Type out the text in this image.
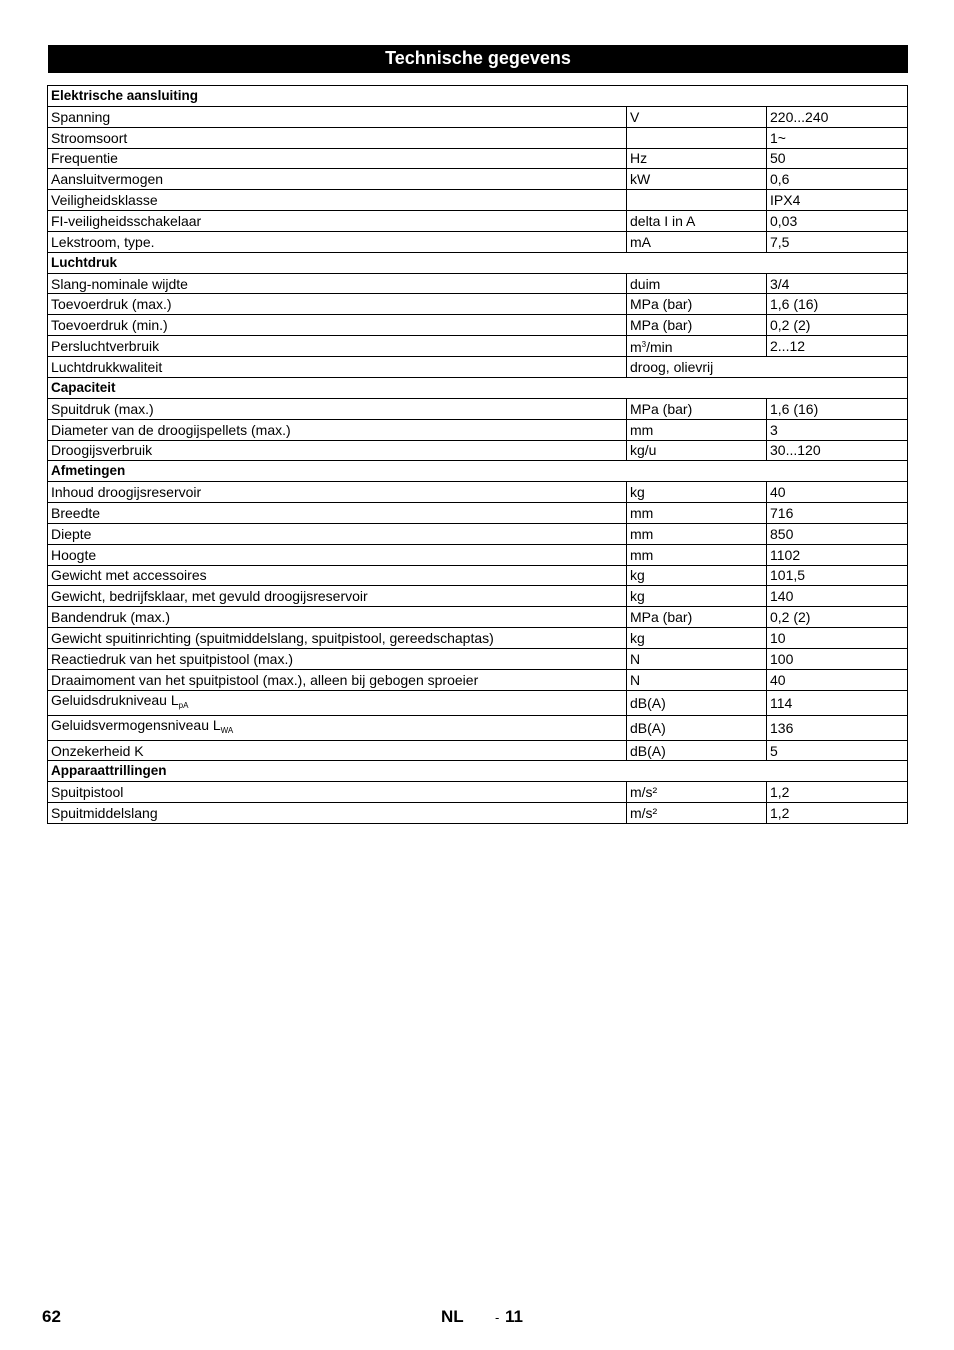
Technische gegevens
Elektrische aansluiting		
Spanning	V	220...240
Stroomsoort		1~
Frequentie	Hz	50
Aansluitvermogen	kW	0,6
Veiligheidsklasse		IPX4
FI-veiligheidsschakelaar	delta I in A	0,03
Lekstroom, type.	mA	7,5
Luchtdruk		
Slang-nominale wijdte	duim	3/4
Toevoerdruk (max.)	MPa (bar)	1,6 (16)
Toevoerdruk (min.)	MPa (bar)	0,2 (2)
Persluchtverbruik	$m^3/\min$	2...12
Luchtdrukkwaliteit	droog, olievrij	
Capaciteit		
Spuitdruk (max.)	MPa (bar)	1,6 (16)
Diameter van de droogijspellets (max.)	mm	3
Droogijsverbruik	kg/u	30...120
Afmetingen		
Inhoud droogijsreservoir	kg	40
Breedte	mm	716
Diepte	mm	850
Hoogte	mm	1102
Gewicht met accessoires	kg	101,5
Gewicht, bedrijfsklaar, met gevuld droogijsreservoir	kg	140
Bandendruk (max.)	MPa (bar)	0,2 (2)
Gewicht spuitinrichting (spuitmiddelslang, spuitpistool, gereedschaptas)	kg	10
Reactiedruk van het spuitpistool (max.)	N	100
Draaimoment van het spuitpistool (max.), alleen bij gebogen sproeier	N	40
Geluidsdrukniveau $L_{pA}$	dB(A)	114
Geluidsvermogensniveau $L_{WA}$	dB(A)	136
Onzekerheid K	dB(A)	5
Apparaattrillingen		
Spuitpistool	m/s²	1,2
Spuitmiddelslang	m/s²	1,2
62	NL - 11
